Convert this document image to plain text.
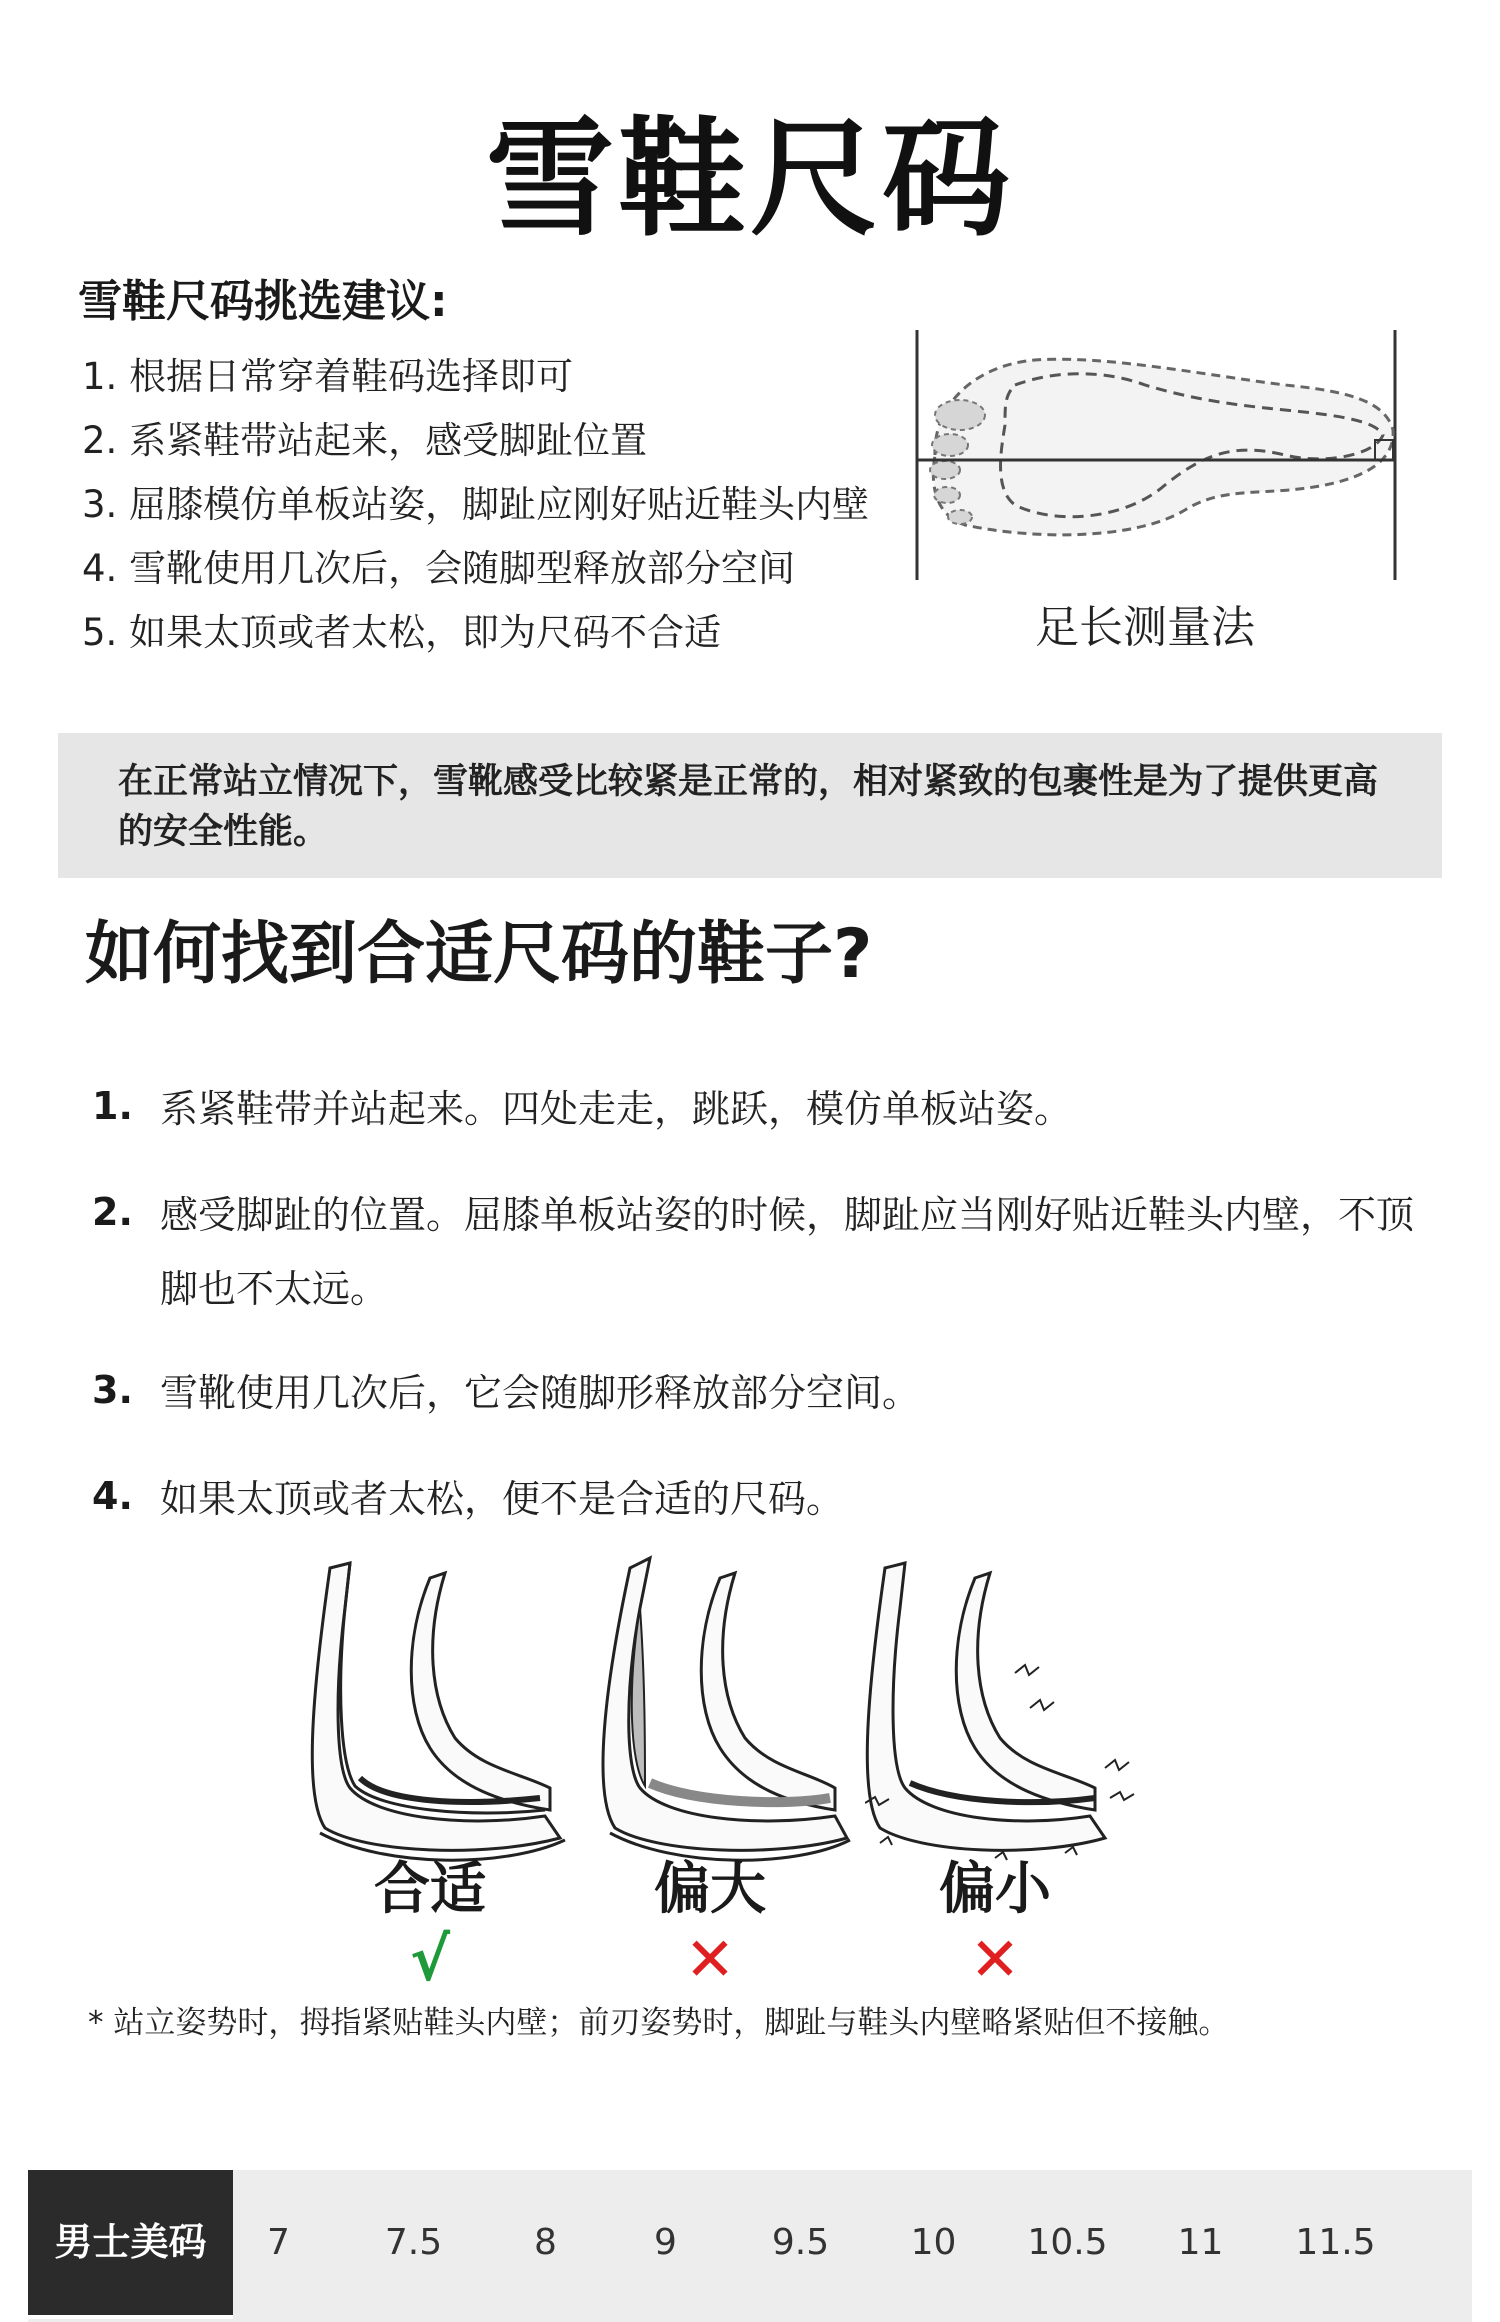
雪鞋尺码
雪鞋尺码挑选建议:
1. 根据日常穿着鞋码选择即可
2. 系紧鞋带站起来，感受脚趾位置
3. 屈膝模仿单板站姿，脚趾应刚好贴近鞋头内壁
4. 雪靴使用几次后，会随脚型释放部分空间
5. 如果太顶或者太松，即为尺码不合适	足长测量法

在正常站立情况下，雪靴感受比较紧是正常的，相对紧致的包裹性是为了提供更高的安全性能。

如何找到合适尺码的鞋子?
1. 系紧鞋带并站起来。四处走走，跳跃，模仿单板站姿。
2. 感受脚趾的位置。屈膝单板站姿的时候，脚趾应当刚好贴近鞋头内壁，不顶脚也不太远。
3. 雪靴使用几次后，它会随脚形释放部分空间。
4. 如果太顶或者太松，便不是合适的尺码。
合适	偏大	偏小
√	✕	✕
* 站立姿势时，拇指紧贴鞋头内壁；前刃姿势时，脚趾与鞋头内壁略紧贴但不接触。
男士美码	7	7.5	8	9	9.5	10	10.5	11	11.5
